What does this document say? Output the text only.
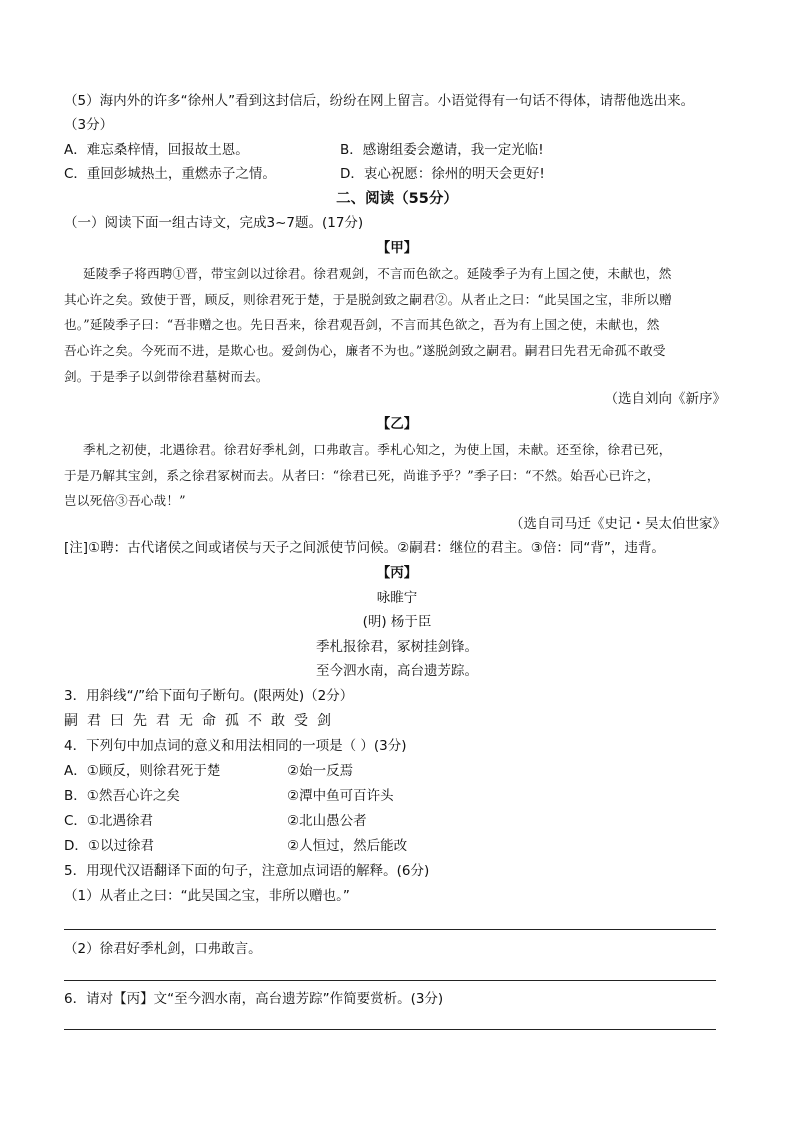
（5）海内外的许多“徐州人”看到这封信后，纷纷在网上留言。小语觉得有一句话不得体，请帮他选出来。
（3分）
A．难忘桑梓情，回报故土恩。	B．感谢组委会邀请，我一定光临!
C．重回彭城热土，重燃赤子之情。	D．衷心祝愿：徐州的明天会更好!
二、阅读（55分）
（一）阅读下面一组古诗文，完成3~7题。(17分)
【甲】
延陵季子将西聘①晋，带宝剑以过徐君。徐君观剑，不言而色欲之。延陵季子为有上国之使，未献也，然
其心许之矣。致使于晋，顾反，则徐君死于楚，于是脱剑致之嗣君②。从者止之曰：“此吴国之宝，非所以赠
也。”延陵季子曰：“吾非赠之也。先日吾来，徐君观吾剑，不言而其色欲之，吾为有上国之使，未献也，然
吾心许之矣。今死而不进，是欺心也。爱剑伪心，廉者不为也。”遂脱剑致之嗣君。嗣君曰先君无命孤不敢受
剑。于是季子以剑带徐君墓树而去。
（选自刘向《新序》
【乙】
季札之初使，北遇徐君。徐君好季札剑，口弗敢言。季札心知之，为使上国，未献。还至徐，徐君已死，
于是乃解其宝剑，系之徐君冢树而去。从者曰：“徐君已死，尚谁予乎？”季子曰：“不然。始吾心已许之，
岂以死倍③吾心哉！”
（选自司马迁《史记・吴太伯世家》
[注]①聘：古代诸侯之间或诸侯与天子之间派使节问候。②嗣君：继位的君主。③倍：同“背”，违背。
【丙】
咏睢宁
(明) 杨于臣
季札报徐君，冢树挂剑锋。
至今泗水南，高台遗芳踪。
3．用斜线“/”给下面句子断句。(限两处)（2分）
嗣君曰先君无命孤不敢受剑
4．下列句中加点词的意义和用法相同的一项是（ ）(3分)
A．①顾反，则徐君死于楚	②始一反焉
B．①然吾心许之矣	②潭中鱼可百许头
C．①北遇徐君	②北山愚公者
D．①以过徐君	②人恒过，然后能改
5．用现代汉语翻译下面的句子，注意加点词语的解释。(6分)
（1）从者止之曰：“此吴国之宝，非所以赠也。”
（2）徐君好季札剑，口弗敢言。
6．请对【丙】文“至今泗水南，高台遗芳踪”作简要赏析。(3分)
